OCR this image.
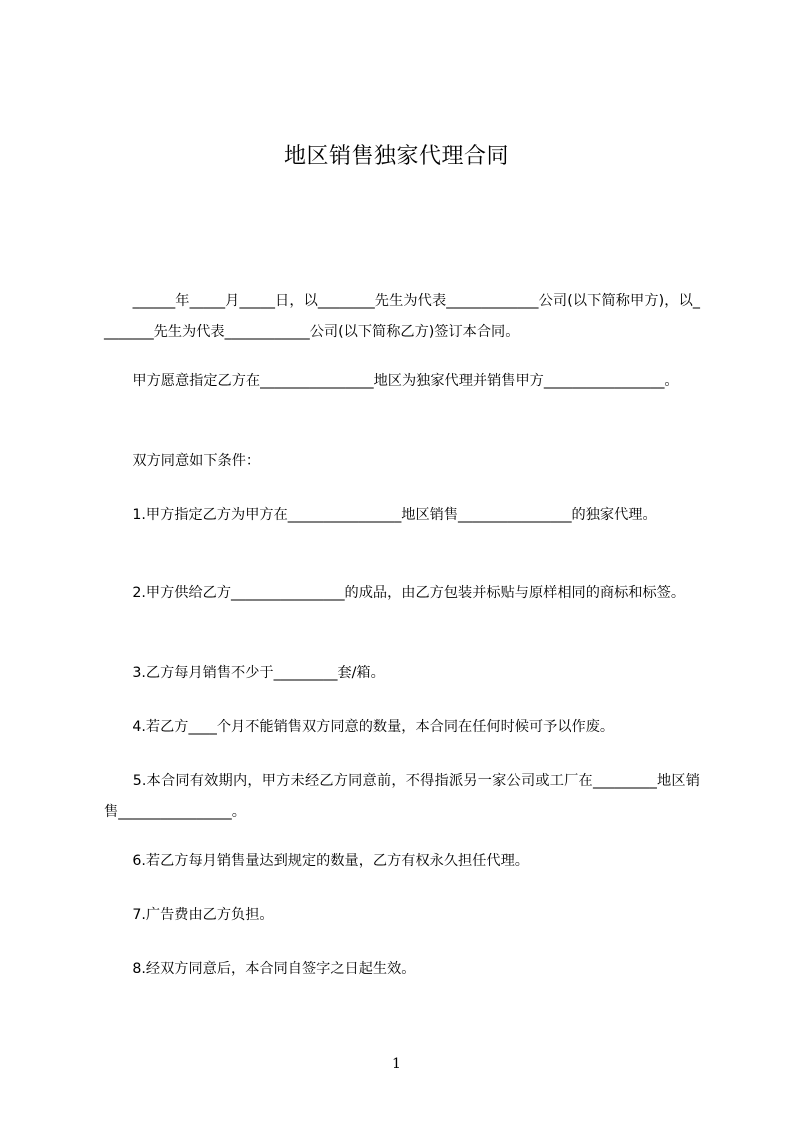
地区销售独家代理合同

　　______年_____月_____日，以________先生为代表_____________公司(以下简称甲方)，以________先生为代表____________公司(以下简称乙方)签订本合同。

　　甲方愿意指定乙方在________________地区为独家代理并销售甲方_________________。

　　双方同意如下条件：

　　1.甲方指定乙方为甲方在________________地区销售________________的独家代理。

　　2.甲方供给乙方________________的成品，由乙方包装并标贴与原样相同的商标和标签。

　　3.乙方每月销售不少于_________套/箱。

　　4.若乙方____个月不能销售双方同意的数量，本合同在任何时候可予以作废。

　　5.本合同有效期内，甲方未经乙方同意前，不得指派另一家公司或工厂在_________地区销售________________。

　　6.若乙方每月销售量达到规定的数量，乙方有权永久担任代理。

　　7.广告费由乙方负担。

　　8.经双方同意后，本合同自签字之日起生效。

1
